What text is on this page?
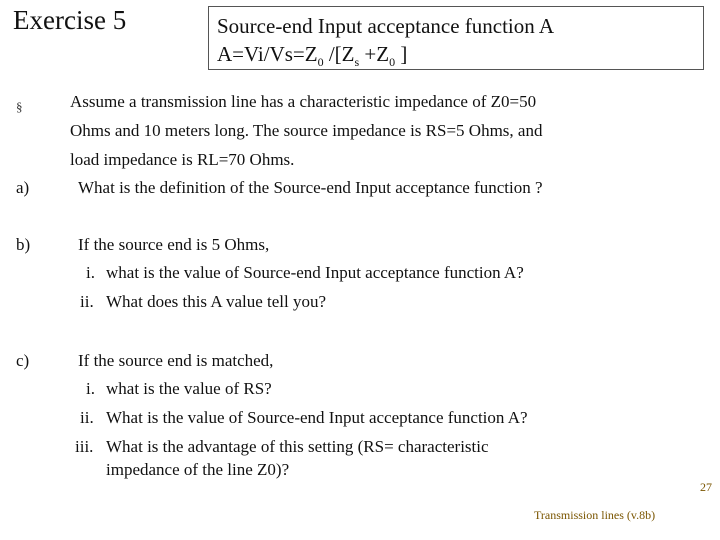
Exercise 5	Source-end Input acceptance function A
$A=Vi/Vs=Z_0$ $/[Z_s +Z_0$ ]
§	Assume a transmission line has a characteristic impedance of Z0=50
Ohms and 10 meters long. The source impedance is RS=5 Ohms, and
load impedance is RL=70 Ohms.
a)	What is the definition of the Source-end Input acceptance function ?
b)	If the source end is 5 Ohms,
i. what is the value of Source-end Input acceptance function A?
ii. What does this A value tell you?
c)	If the source end is matched,
i. what is the value of RS?
ii. What is the value of Source-end Input acceptance function A?
iii. What is the advantage of this setting (RS= characteristic
impedance of the line Z0)?
27
Transmission lines (v.8b)
